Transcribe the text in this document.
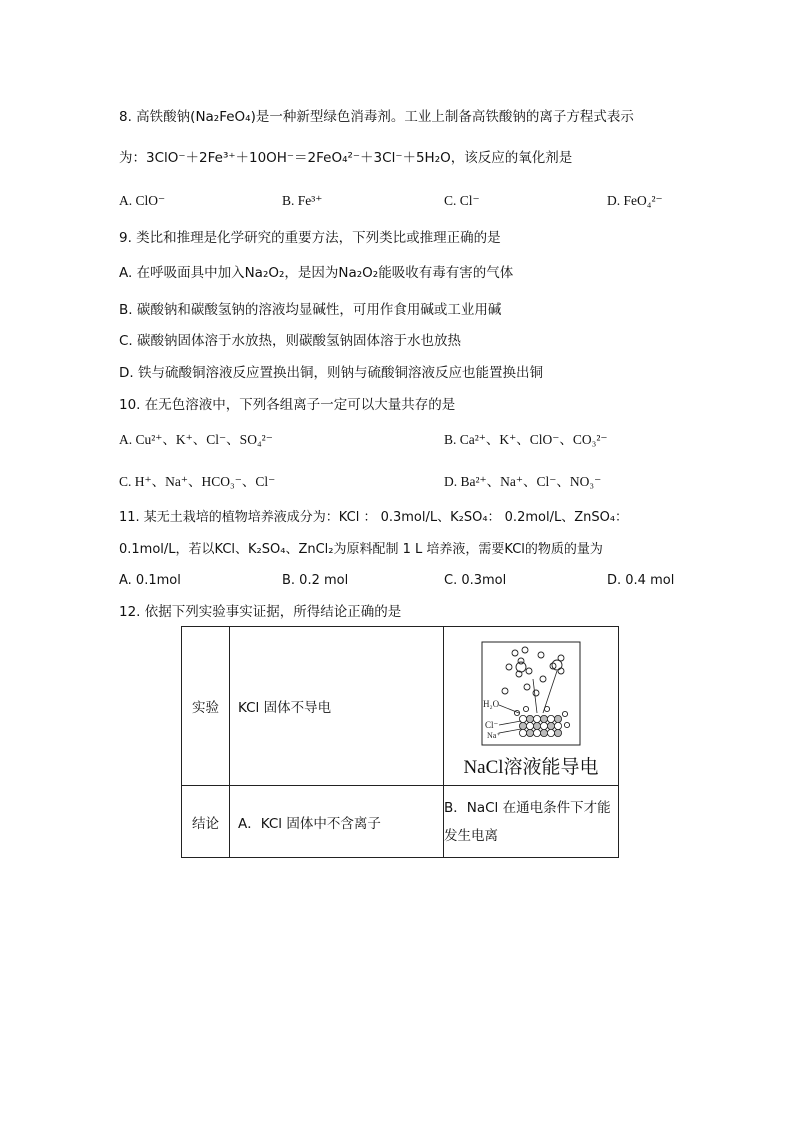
8. 高铁酸钠(Na₂FeO₄)是一种新型绿色消毒剂。工业上制备高铁酸钠的离子方程式表示
为：3ClO⁻＋2Fe³⁺＋10OH⁻＝2FeO₄²⁻＋3Cl⁻＋5H₂O，该反应的氧化剂是
A. ClO⁻	B. Fe³⁺	C. Cl⁻	D. FeO₄²⁻
9. 类比和推理是化学研究的重要方法，下列类比或推理正确的是
A. 在呼吸面具中加入Na₂O₂，是因为Na₂O₂能吸收有毒有害的气体
B. 碳酸钠和碳酸氢钠的溶液均显碱性，可用作食用碱或工业用碱
C. 碳酸钠固体溶于水放热，则碳酸氢钠固体溶于水也放热
D. 铁与硫酸铜溶液反应置换出铜，则钠与硫酸铜溶液反应也能置换出铜
10. 在无色溶液中，下列各组离子一定可以大量共存的是
A. Cu²⁺、K⁺、Cl⁻、SO₄²⁻	B. Ca²⁺、K⁺、ClO⁻、CO₃²⁻
C. H⁺、Na⁺、HCO₃⁻、Cl⁻	D. Ba²⁺、Na⁺、Cl⁻、NO₃⁻
11. 某无土栽培的植物培养液成分为：KCl ： 0.3mol/L、K₂SO₄： 0.2mol/L、ZnSO₄：
0.1mol/L，若以KCl、K₂SO₄、ZnCl₂为原料配制 1 L 培养液，需要KCl的物质的量为
A. 0.1mol	B. 0.2 mol	C. 0.3mol	D. 0.4 mol
12. 依据下列实验事实证据，所得结论正确的是
实验	KCl 固体不导电	H₂O
Cl⁻
Na⁺
NaCl溶液能导电

结论	A．KCl 固体中不含离子	B．NaCl 在通电条件下才能发生电离
